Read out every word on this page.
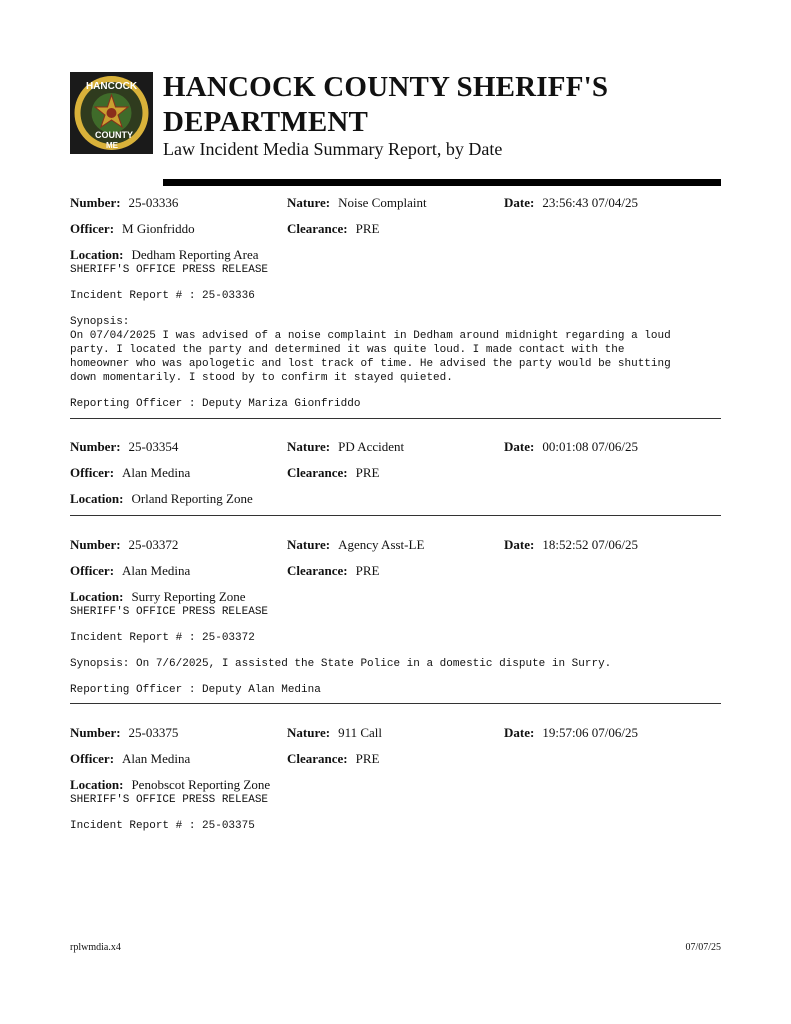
HANCOCK
COUNTY
ME
HANCOCK COUNTY SHERIFF'S
DEPARTMENT
Law Incident Media Summary Report, by Date
Number: 25-03336	Nature: Noise Complaint	Date: 23:56:43 07/04/25
Officer: M Gionfriddo	Clearance: PRE
Location: Dedham Reporting Area

SHERIFF'S OFFICE PRESS RELEASE

Incident Report # : 25-03336

Synopsis:
On 07/04/2025 I was advised of a noise complaint in Dedham around midnight regarding a loud
party. I located the party and determined it was quite loud. I made contact with the
homeowner who was apologetic and lost track of time. He advised the party would be shutting
down momentarily. I stood by to confirm it stayed quieted.

Reporting Officer : Deputy Mariza Gionfriddo

Number: 25-03354	Nature: PD Accident	Date: 00:01:08 07/06/25
Officer: Alan Medina	Clearance: PRE
Location: Orland Reporting Zone
Number: 25-03372	Nature: Agency Asst-LE	Date: 18:52:52 07/06/25
Officer: Alan Medina	Clearance: PRE
Location: Surry Reporting Zone

SHERIFF'S OFFICE PRESS RELEASE

Incident Report # : 25-03372

Synopsis: On 7/6/2025, I assisted the State Police in a domestic dispute in Surry.

Reporting Officer : Deputy Alan Medina

Number: 25-03375	Nature: 911 Call	Date: 19:57:06 07/06/25
Officer: Alan Medina	Clearance: PRE
Location: Penobscot Reporting Zone

SHERIFF'S OFFICE PRESS RELEASE

Incident Report # : 25-03375

rplwmdia.x4	07/07/25
